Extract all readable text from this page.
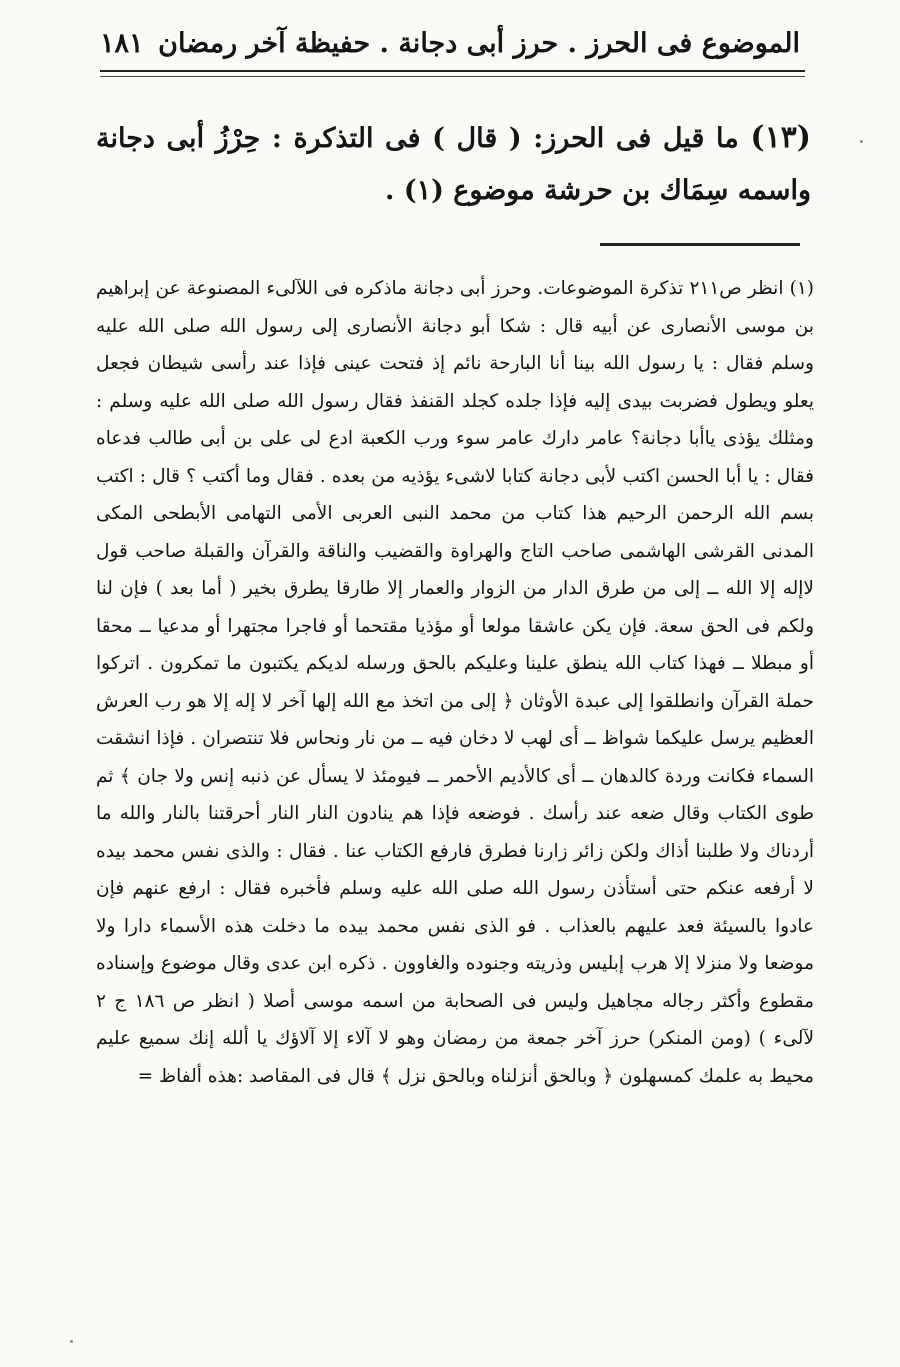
الموضوع فى الحرز . حرز أبى دجانة . حفيظة آخر رمضان
١٨١
(١٣) ما قيل فى الحرز: ( قال ) فى التذكرة : حِرْزُ أبى دجانة واسمه سِمَاك بن حرشة موضوع (١) .

(١) انظر ص٢١١ تذكرة الموضوعات. وحرز أبى دجانة ماذكره فى اللآلىء المصنوعة عن إبراهيم بن موسى الأنصارى عن أبيه قال : شكا أبو دجانة الأنصارى إلى رسول الله صلى الله عليه وسلم فقال : يا رسول الله بينا أنا البارحة نائم إذ فتحت عينى فإذا عند رأسى شيطان فجعل يعلو ويطول فضربت بيدى إليه فإذا جلده كجلد القنفذ فقال رسول الله صلى الله عليه وسلم : ومثلك يؤذى ياأبا دجانة؟ عامر دارك عامر سوء ورب الكعبة ادع لى على بن أبى طالب فدعاه فقال : يا أبا الحسن اكتب لأبى دجانة كتابا لاشىء يؤذيه من بعده . فقال وما أكتب ؟ قال : اكتب بسم الله الرحمن الرحيم هذا كتاب من محمد النبى العربى الأمى التهامى الأبطحى المكى المدنى القرشى الهاشمى صاحب التاج والهراوة والقضيب والناقة والقرآن والقبلة صاحب قول لاإله إلا الله ــ إلى من طرق الدار من الزوار والعمار إلا طارقا يطرق بخير ( أما بعد ) فإن لنا ولكم فى الحق سعة. فإن يكن عاشقا مولعا أو مؤذيا مقتحما أو فاجرا مجتهرا أو مدعيا ــ محقا أو مبطلا ــ فهذا كتاب الله ينطق علينا وعليكم بالحق ورسله لديكم يكتبون ما تمكرون . اتركوا حملة القرآن وانطلقوا إلى عبدة الأوثان ﴿ إلى من اتخذ مع الله إلها آخر لا إله إلا هو رب العرش العظيم يرسل عليكما شواظ ــ أى لهب لا دخان فيه ــ من نار ونحاس فلا تنتصران . فإذا انشقت السماء فكانت وردة كالدهان ــ أى كالأديم الأحمر ــ فيومئذ لا يسأل عن ذنبه إنس ولا جان ﴾ ثم طوى الكتاب وقال ضعه عند رأسك . فوضعه فإذا هم ينادون النار النار أحرقتنا بالنار والله ما أردناك ولا طلبنا أذاك ولكن زائر زارنا فطرق فارفع الكتاب عنا . فقال : والذى نفس محمد بيده لا أرفعه عنكم حتى أستأذن رسول الله صلى الله عليه وسلم فأخبره فقال : ارفع عنهم فإن عادوا بالسيئة فعد عليهم بالعذاب . فو الذى نفس محمد بيده ما دخلت هذه الأسماء دارا ولا موضعا ولا منزلا إلا هرب إبليس وذريته وجنوده والغاوون . ذكره ابن عدى وقال موضوع وإسناده مقطوع وأكثر رجاله مجاهيل وليس فى الصحابة من اسمه موسى أصلا ( انظر ص ١٨٦ ج ٢ لآلىء ) (ومن المنكر) حرز آخر جمعة من رمضان وهو لا آلاء إلا آلاؤك يا ألله إنك سميع عليم محيط به علمك كمسهلون ﴿ وبالحق أنزلناه وبالحق نزل ﴾ قال فى المقاصد :هذه ألفاظ =
